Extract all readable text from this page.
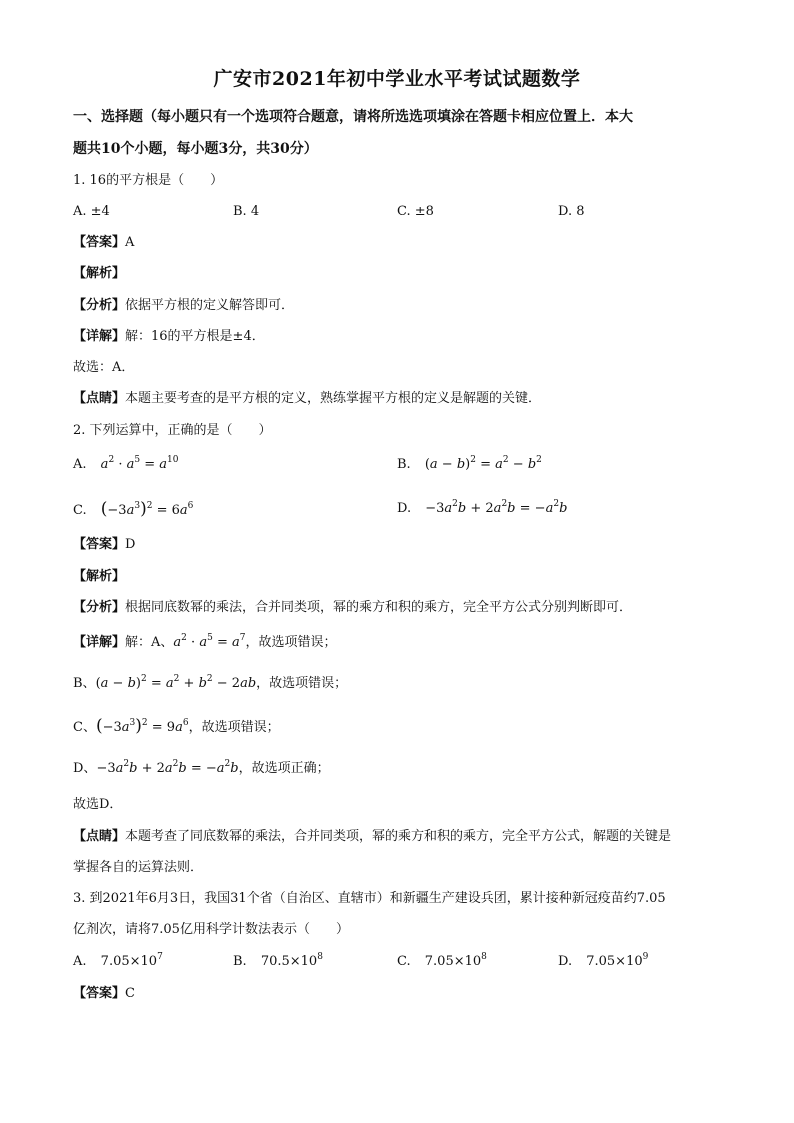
广安市2021年初中学业水平考试试题数学
一、选择题（每小题只有一个选项符合题意，请将所选选项填涂在答题卡相应位置上．本大
题共10个小题，每小题3分，共30分）
1. 16的平方根是（　　）
A. ±4	B. 4	C. ±8	D. 8
【答案】A
【解析】
【分析】依据平方根的定义解答即可．
【详解】解：16的平方根是±4．
故选：A．
【点睛】本题主要考查的是平方根的定义，熟练掌握平方根的定义是解题的关键．
2. 下列运算中，正确的是（　　）
A. $a^2 \cdot a^5 = a^{10}$	B. $(a - b)^2 = a^2 - b^2$
C. $(-3a^3)^2 = 6a^6$	D. $-3a^2b + 2a^2b = -a^2b$
【答案】D
【解析】
【分析】根据同底数幂的乘法，合并同类项，幂的乘方和积的乘方，完全平方公式分别判断即可．
【详解】解：A、$a^2 \cdot a^5 = a^7$，故选项错误；
B、$(a - b)^2 = a^2 + b^2 - 2ab$，故选项错误；
C、$(-3a^3)^2 = 9a^6$，故选项错误；
D、$-3a^2b + 2a^2b = -a^2b$，故选项正确；
故选D．
【点睛】本题考查了同底数幂的乘法，合并同类项，幂的乘方和积的乘方，完全平方公式，解题的关键是
掌握各自的运算法则．
3. 到2021年6月3日，我国31个省（自治区、直辖市）和新疆生产建设兵团，累计接种新冠疫苗约7.05
亿剂次，请将7.05亿用科学计数法表示（　　）
A. $7.05\times 10^7$	B. $70.5\times 10^8$	C. $7.05\times 10^8$	D. $7.05\times 10^9$
【答案】C
